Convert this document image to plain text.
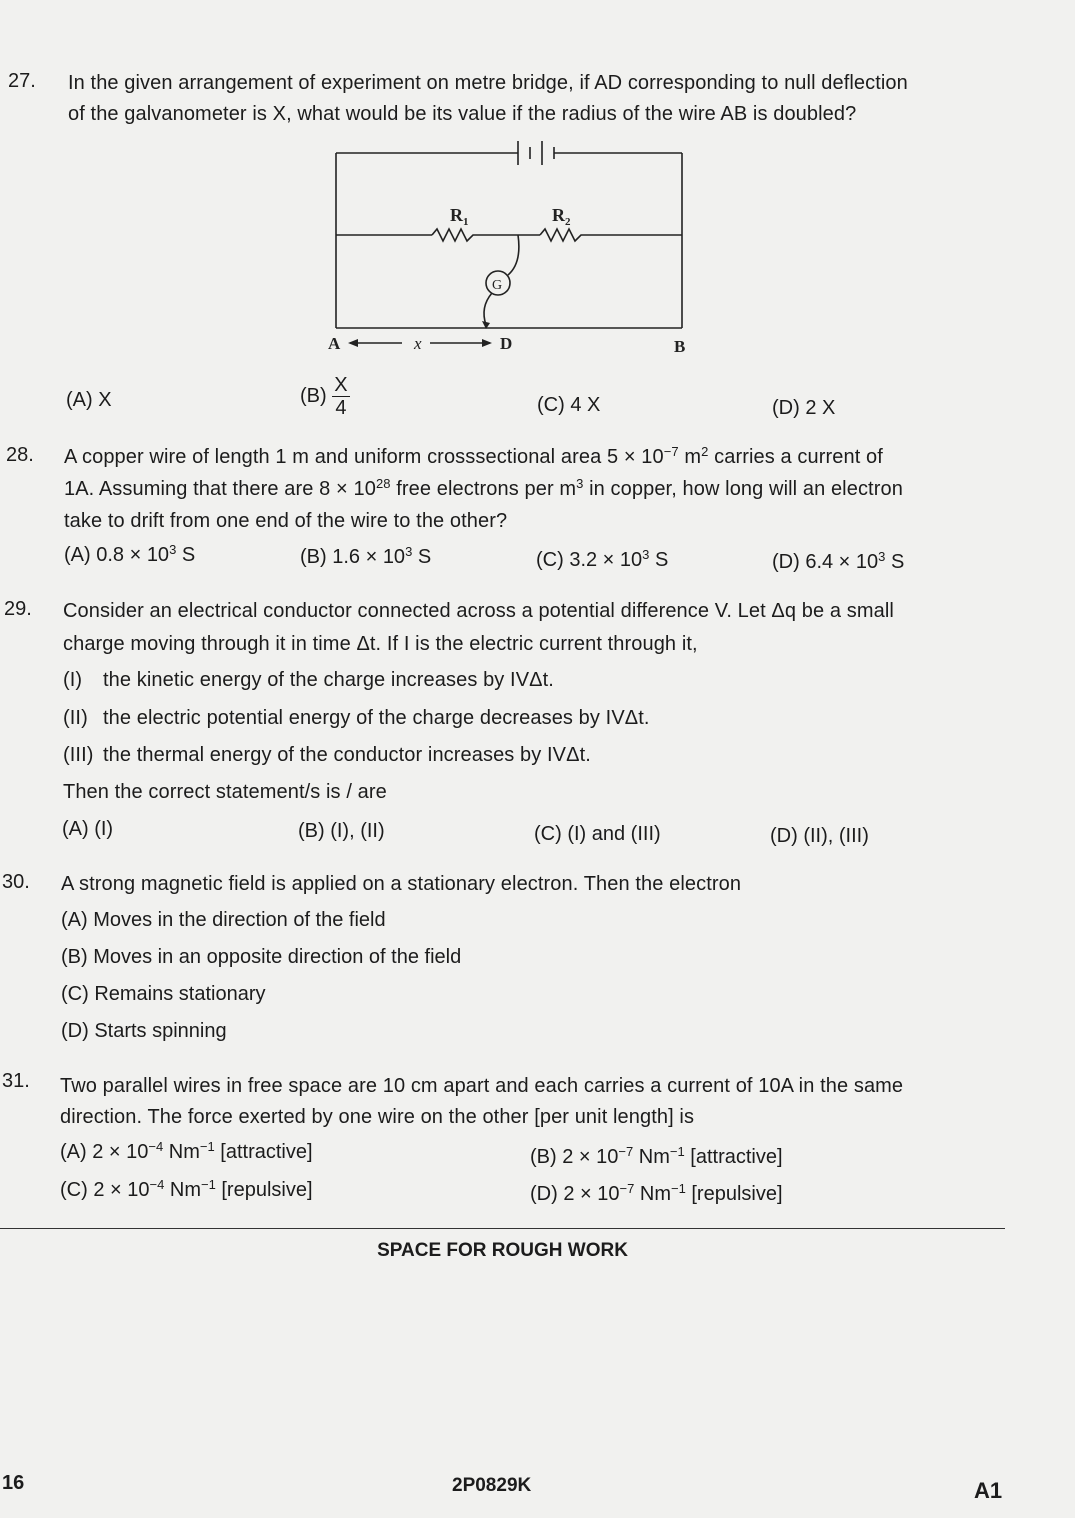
27. In the given arrangement of experiment on metre bridge, if AD corresponding to null deflection
of the galvanometer is X, what would be its value if the radius of the wire AB is doubled?
$R_1$	$R_2$
G
A	x	D	B
(A) X	$(B) \frac{X}{4}$	(C) 4 X	(D) 2 X
28. A copper wire of length 1 m and uniform crosssectional area $5 \times 10^{-7}$ $m^2$ carries a current of
1A. Assuming that there are $8 \times 10^{28}$ free electrons per $m^3$ in copper, how long will an electron
take to drift from one end of the wire to the other?
(A) $0.8 \times 10^3$ S	(B) $1.6 \times 10^3$ S	(C) $3.2 \times 10^3$ S	(D) $6.4 \times 10^3$ S
29. Consider an electrical conductor connected across a potential difference V. Let Δq be a small
charge moving through it in time Δt. If I is the electric current through it,
(I) the kinetic energy of the charge increases by IVΔt.
(II) the electric potential energy of the charge decreases by IVΔt.
(III) the thermal energy of the conductor increases by IVΔt.
Then the correct statement/s is / are
(A) (I)	(B) (I), (II)	(C) (I) and (III)	(D) (II), (III)
30. A strong magnetic field is applied on a stationary electron. Then the electron
(A) Moves in the direction of the field
(B) Moves in an opposite direction of the field
(C) Remains stationary
(D) Starts spinning
31. Two parallel wires in free space are 10 cm apart and each carries a current of 10A in the same
direction. The force exerted by one wire on the other [per unit length] is
(A) $2 \times 10^{-4}$ $Nm^{-1}$ [attractive]	(B) $2 \times 10^{-7}$ $Nm^{-1}$ [attractive]
(C) $2 \times 10^{-4}$ $Nm^{-1}$ [repulsive]	(D) $2 \times 10^{-7}$ $Nm^{-1}$ [repulsive]
SPACE FOR ROUGH WORK
16	2P0829K	A1
